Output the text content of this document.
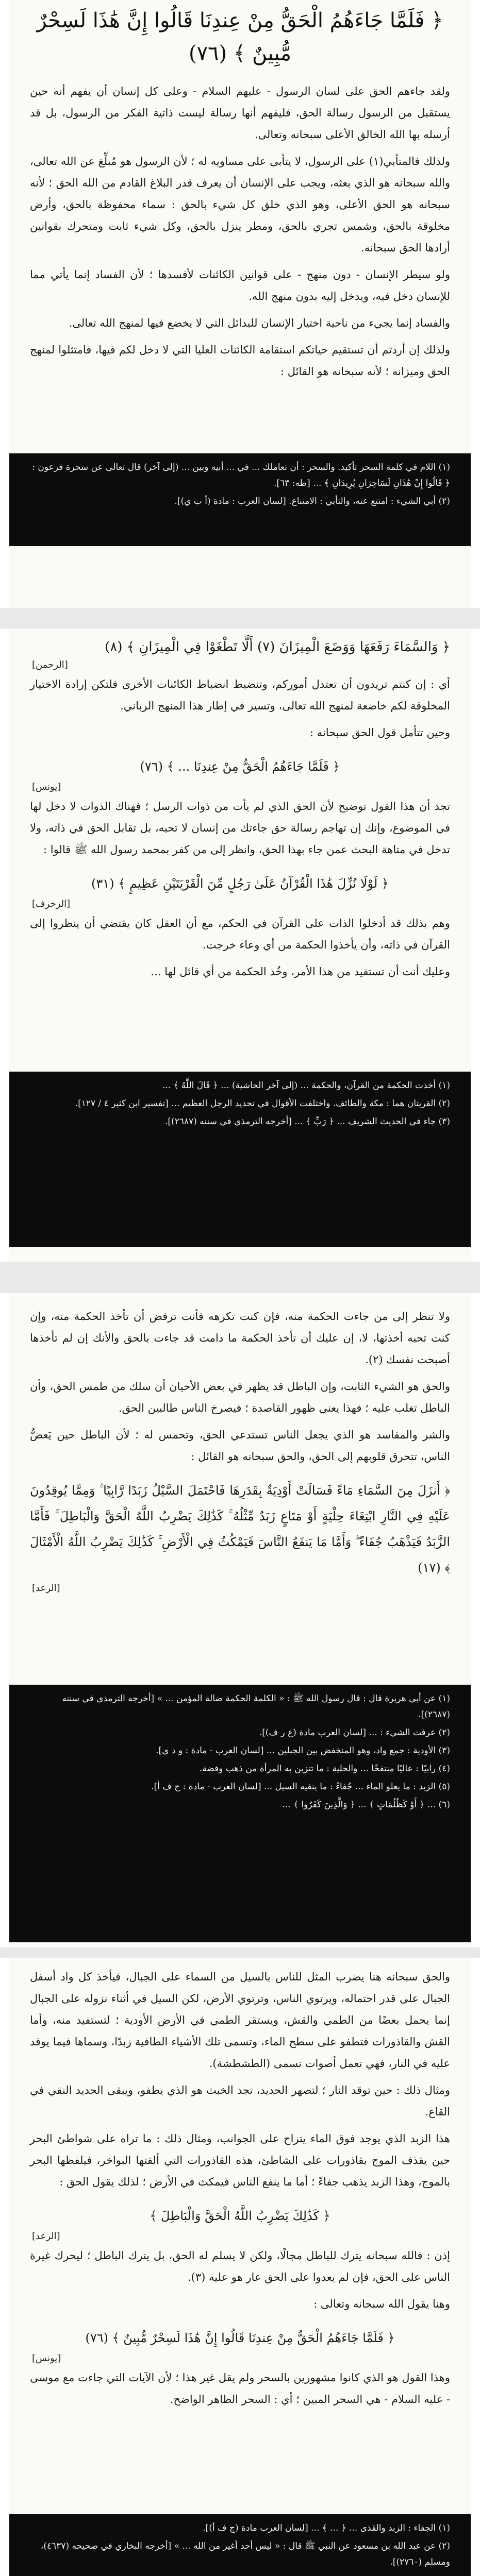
﴿ فَلَمَّا جَاءَهُمُ الْحَقُّ مِنْ عِندِنَا قَالُوا إِنَّ هَٰذَا لَسِحْرٌ مُّبِينٌ ﴾ (٧٦)

ولقد جاءهم الحق على لسان الرسول - عليهم السلام - وعلى كل إنسان أن يفهم أنه حين يستقبل من الرسول رسالة الحق، فليفهم أنها رسالة ليست ذاتية الفكر من الرسول، بل قد أرسله بها الله الخالق الأعلى سبحانه وتعالى.

ولذلك فالمتأبي(١) على الرسول، لا يتأبى على مساويه له ؛ لأن الرسول هو مُبلِّغ عن الله تعالى، والله سبحانه هو الذي بعثه، ويجب على الإنسان أن يعرف قدر البلاغ القادم من الله الحق ؛ لأنه سبحانه هو الحق الأعلى، وهو الذي خلق كل شيء بالحق : سماء محفوظة بالحق، وأرض مخلوقة بالحق، وشمس تجري بالحق، ومطر ينزل بالحق، وكل شيء ثابت ومتحرك بقوانين أرادها الحق سبحانه.

ولو سيطر الإنسان - دون منهج - على قوانين الكائنات لأفسدها ؛ لأن الفساد إنما يأتي مما للإنسان دخل فيه، ويدخل إليه بدون منهج الله.

والفساد إنما يجيء من ناحية اختيار الإنسان للبدائل التي لا يخضع فيها لمنهج الله تعالى.

ولذلك إن أردتم أن تستقيم حياتكم استقامة الكائنات العليا التي لا دخل لكم فيها، فامتثلوا لمنهج الحق وميزانه ؛ لأنه سبحانه هو القائل :

(١) اللام في كلمة السحر تأكيد. والسحر : أن تعاملك ... في ... أبيه وبين ... (إلى آخر) قال تعالى عن سحرة فرعون : ﴿ قَالُوا إِنْ هَٰذَانِ لَسَاحِرَانِ يُرِيدَانِ ﴾ ... [طه: ٦٣].

(٢) أبي الشيء : امتنع عنه، والتأبي : الامتناع. [لسان العرب : مادة (أ ب ي)].

﴿ وَالسَّمَاءَ رَفَعَهَا وَوَضَعَ الْمِيزَانَ (٧) أَلَّا تَطْغَوْا فِي الْمِيزَانِ ﴾ (٨)
[الرحمن]

أي : إن كنتم تريدون أن تعتدل أموركم، وتنضبط انضباط الكائنات الأخرى فلتكن إرادة الاختيار المخلوقة لكم خاضعة لمنهج الله تعالى، وتسير في إطار هذا المنهج الرباني.

وحين تتأمل قول الحق سبحانه :

﴿ فَلَمَّا جَاءَهُمُ الْحَقُّ مِنْ عِندِنَا ... ﴾ (٧٦)
[يونس]

تجد أن هذا القول توضيح لأن الحق الذي لم يأت من ذوات الرسل ؛ فهناك الذوات لا دخل لها في الموضوع، وإنك إن تهاجم رسالة حق جاءتك من إنسان لا تحبه، بل تقابل الحق في ذاته، ولا تدخل في متاهة البحث عمن جاء بهذا الحق، وانظر إلى من كفر بمحمد رسول الله ﷺ قالوا :

﴿ لَوْلَا نُزِّلَ هَٰذَا الْقُرْآنُ عَلَىٰ رَجُلٍ مِّنَ الْقَرْيَتَيْنِ عَظِيمٍ ﴾ (٣١)
[الزخرف]

وهم بذلك قد أدخلوا الذات على القرآن في الحكم، مع أن العقل كان يقتضي أن ينظروا إلى القرآن في ذاته، وأن يأخذوا الحكمة من أي وعاء خرجت.

وعليك أنت أن تستفيد من هذا الأمر، وخُذ الحكمة من أي قائل لها ...

(١) أخذت الحكمة من القرآن، والحكمة ... (إلى آخر الحاشية) ... ﴿ قَالَ اللَّهُ ﴾ ...

(٢) القريتان هما : مكة والطائف. واختلفت الأقوال في تحديد الرجل العظيم ... [تفسير ابن كثير ٤ / ١٢٧].

(٣) جاء في الحديث الشريف ... ﴿ رَبِّ ﴾ ... [أخرجه الترمذي في سننه (٢٦٨٧)].

ولا تنظر إلى من جاءت الحكمة منه، فإن كنت تكرهه فأنت ترفض أن تأخذ الحكمة منه، وإن كنت تحبه أخذتها، لا، إن عليك أن تأخذ الحكمة ما دامت قد جاءت بالحق والأنك إن لم تأخذها أصبحت نفسك (٢).

والحق هو الشيء الثابت، وإن الباطل قد يظهر في بعض الأحيان أن سلك من طمس الحق، وأن الباطل تغلب عليه ؛ فهذا يعني ظهور القاصدة ؛ فيصرخ الناس طالبين الحق.

والشر والمفاسد هو الذي يجعل الناس تستدعي الحق، وتحمس له ؛ لأن الباطل حين يَعضُّ الناس، تتحرق قلوبهم إلى الحق، والحق سبحانه هو القائل :

﴿ أَنزَلَ مِنَ السَّمَاءِ مَاءً فَسَالَتْ أَوْدِيَةٌ بِقَدَرِهَا فَاحْتَمَلَ السَّيْلُ زَبَدًا رَّابِيًا ۚ وَمِمَّا يُوقِدُونَ عَلَيْهِ فِي النَّارِ ابْتِغَاءَ حِلْيَةٍ أَوْ مَتَاعٍ زَبَدٌ مِّثْلُهُ ۚ كَذَٰلِكَ يَضْرِبُ اللَّهُ الْحَقَّ وَالْبَاطِلَ ۚ فَأَمَّا الزَّبَدُ فَيَذْهَبُ جُفَاءً ۖ وَأَمَّا مَا يَنفَعُ النَّاسَ فَيَمْكُثُ فِي الْأَرْضِ ۚ كَذَٰلِكَ يَضْرِبُ اللَّهُ الْأَمْثَالَ ﴾ (١٧)
[الرعد]

(١) عن أبي هريرة قال : قال رسول الله ﷺ : « الكلمة الحكمة ضالة المؤمن ... » [أخرجه الترمذي في سننه (٢٦٨٧)].

(٢) عرفت الشيء : ... [لسان العرب مادة (ع ر ف)].

(٣) الأودية : جمع واد، وهو المنخفض بين الجبلين ... [لسان العرب - مادة : و د ي].

(٤) رابيًا : عاليًا منتفخًا ... والحلية : ما تتزين به المرأة من ذهب وفضة.

(٥) الزبد : ما يعلو الماء ... جُفاءً : ما ينفيه السيل ... [لسان العرب - مادة : ج ف أ].

(٦) ... ﴿ أَوْ كَظُلُمَاتٍ ﴾ ... ﴿ وَالَّذِينَ كَفَرُوا ﴾ ...

والحق سبحانه هنا يضرب المثل للناس بالسيل من السماء على الجبال، فيأخذ كل واد أسفل الجبال على قدر احتماله، ويرتوي الناس، وترتوي الأرض، لكن السيل في أثناء نزوله على الجبال إنما يحمل بعضًا من الطمي والقش، ويستقر الطمي في الأرض الأودية ؛ لتستفيد منه، وأما القش والقاذورات فتطفو على سطح الماء، وتسمى تلك الأشياء الطافية زبدًا، وسماها فيما يوقد عليه في النار، فهي تعمل أصوات تسمى (الطشطشة).

ومثال ذلك : حين توقد النار ؛ لتصهر الحديد، تجد الخبث هو الذي يطفو، ويبقى الحديد النقي في القاع.

هذا الزبد الذي يوجد فوق الماء يتزاح على الجوانب، ومثال ذلك : ما تراه على شواطئ البحر حين يقذف الموج بقاذورات على الشاطئ، هذه القاذورات التي ألقتها البواخر، فيلفظها البحر بالموج، وهذا الزبد يذهب جفاءً ؛ أما ما ينفع الناس فيمكث في الأرض ؛ لذلك يقول الحق :

﴿ كَذَٰلِكَ يَضْرِبُ اللَّهُ الْحَقَّ وَالْبَاطِلَ ﴾
[الرعد]

إذن : فالله سبحانه يترك للباطل مجالًا، ولكن لا يسلم له الحق، بل يترك الباطل ؛ ليحرك غيرة الناس على الحق، فإن لم يعدوا على الحق عار هو عليه (٣).

وهنا يقول الله سبحانه وتعالى :

﴿ فَلَمَّا جَاءَهُمُ الْحَقُّ مِنْ عِندِنَا قَالُوا إِنَّ هَٰذَا لَسِحْرٌ مُّبِينٌ ﴾ (٧٦)
[يونس]

وهذا القول هو الذي كانوا مشهورين بالسحر ولم يقل غير هذا ؛ لأن الآيات التي جاءت مع موسى - عليه السلام - هي السحر المبين ؛ أي : السحر الظاهر الواضح.

(١) الجفاء : الزبد والقذى ... ﴿ ... ﴾ ... [لسان العرب مادة (ج ف أ)].

(٢) عن عبد الله بن مسعود عن النبي ﷺ قال : « ليس أحد أغير من الله ... » [أخرجه البخاري في صحيحه (٤٦٣٧)، ومسلم (٢٧٦٠)].
